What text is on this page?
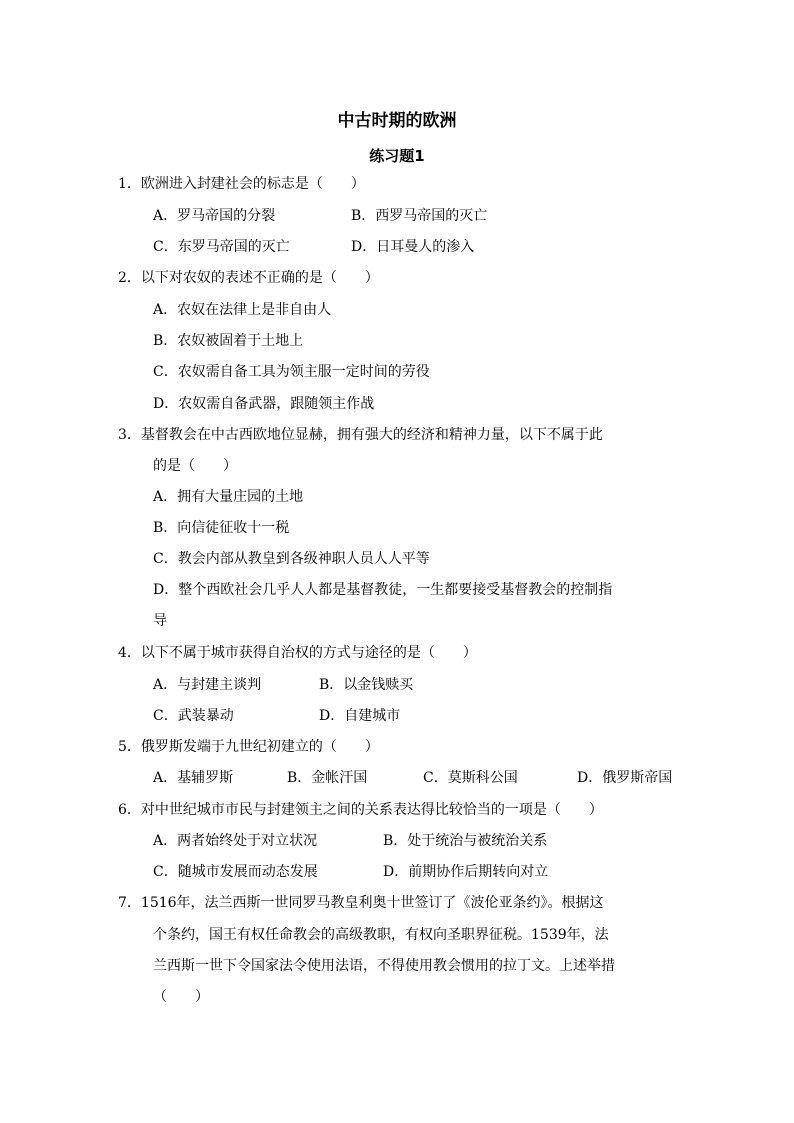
中古时期的欧洲
练习题1
1．欧洲进入封建社会的标志是（　　）
A．罗马帝国的分裂	B．西罗马帝国的灭亡
C．东罗马帝国的灭亡	D．日耳曼人的渗入
2．以下对农奴的表述不正确的是（　　）
A．农奴在法律上是非自由人
B．农奴被固着于土地上
C．农奴需自备工具为领主服一定时间的劳役
D．农奴需自备武器，跟随领主作战
3．基督教会在中古西欧地位显赫，拥有强大的经济和精神力量，以下不属于此
的是（　　）
A．拥有大量庄园的土地
B．向信徒征收十一税
C．教会内部从教皇到各级神职人员人人平等
D．整个西欧社会几乎人人都是基督教徒，一生都要接受基督教会的控制指
导
4．以下不属于城市获得自治权的方式与途径的是（　　）
A．与封建主谈判	B．以金钱赎买
C．武装暴动	D．自建城市
5．俄罗斯发端于九世纪初建立的（　　）
A．基辅罗斯	B．金帐汗国	C．莫斯科公国	D．俄罗斯帝国
6．对中世纪城市市民与封建领主之间的关系表达得比较恰当的一项是（　　）
A．两者始终处于对立状况	B．处于统治与被统治关系
C．随城市发展而动态发展	D．前期协作后期转向对立
7．1516年，法兰西斯一世同罗马教皇利奥十世签订了《波伦亚条约》。根据这
个条约，国王有权任命教会的高级教职，有权向圣职界征税。1539年，法
兰西斯一世下令国家法令使用法语，不得使用教会惯用的拉丁文。上述举措
（　　）
